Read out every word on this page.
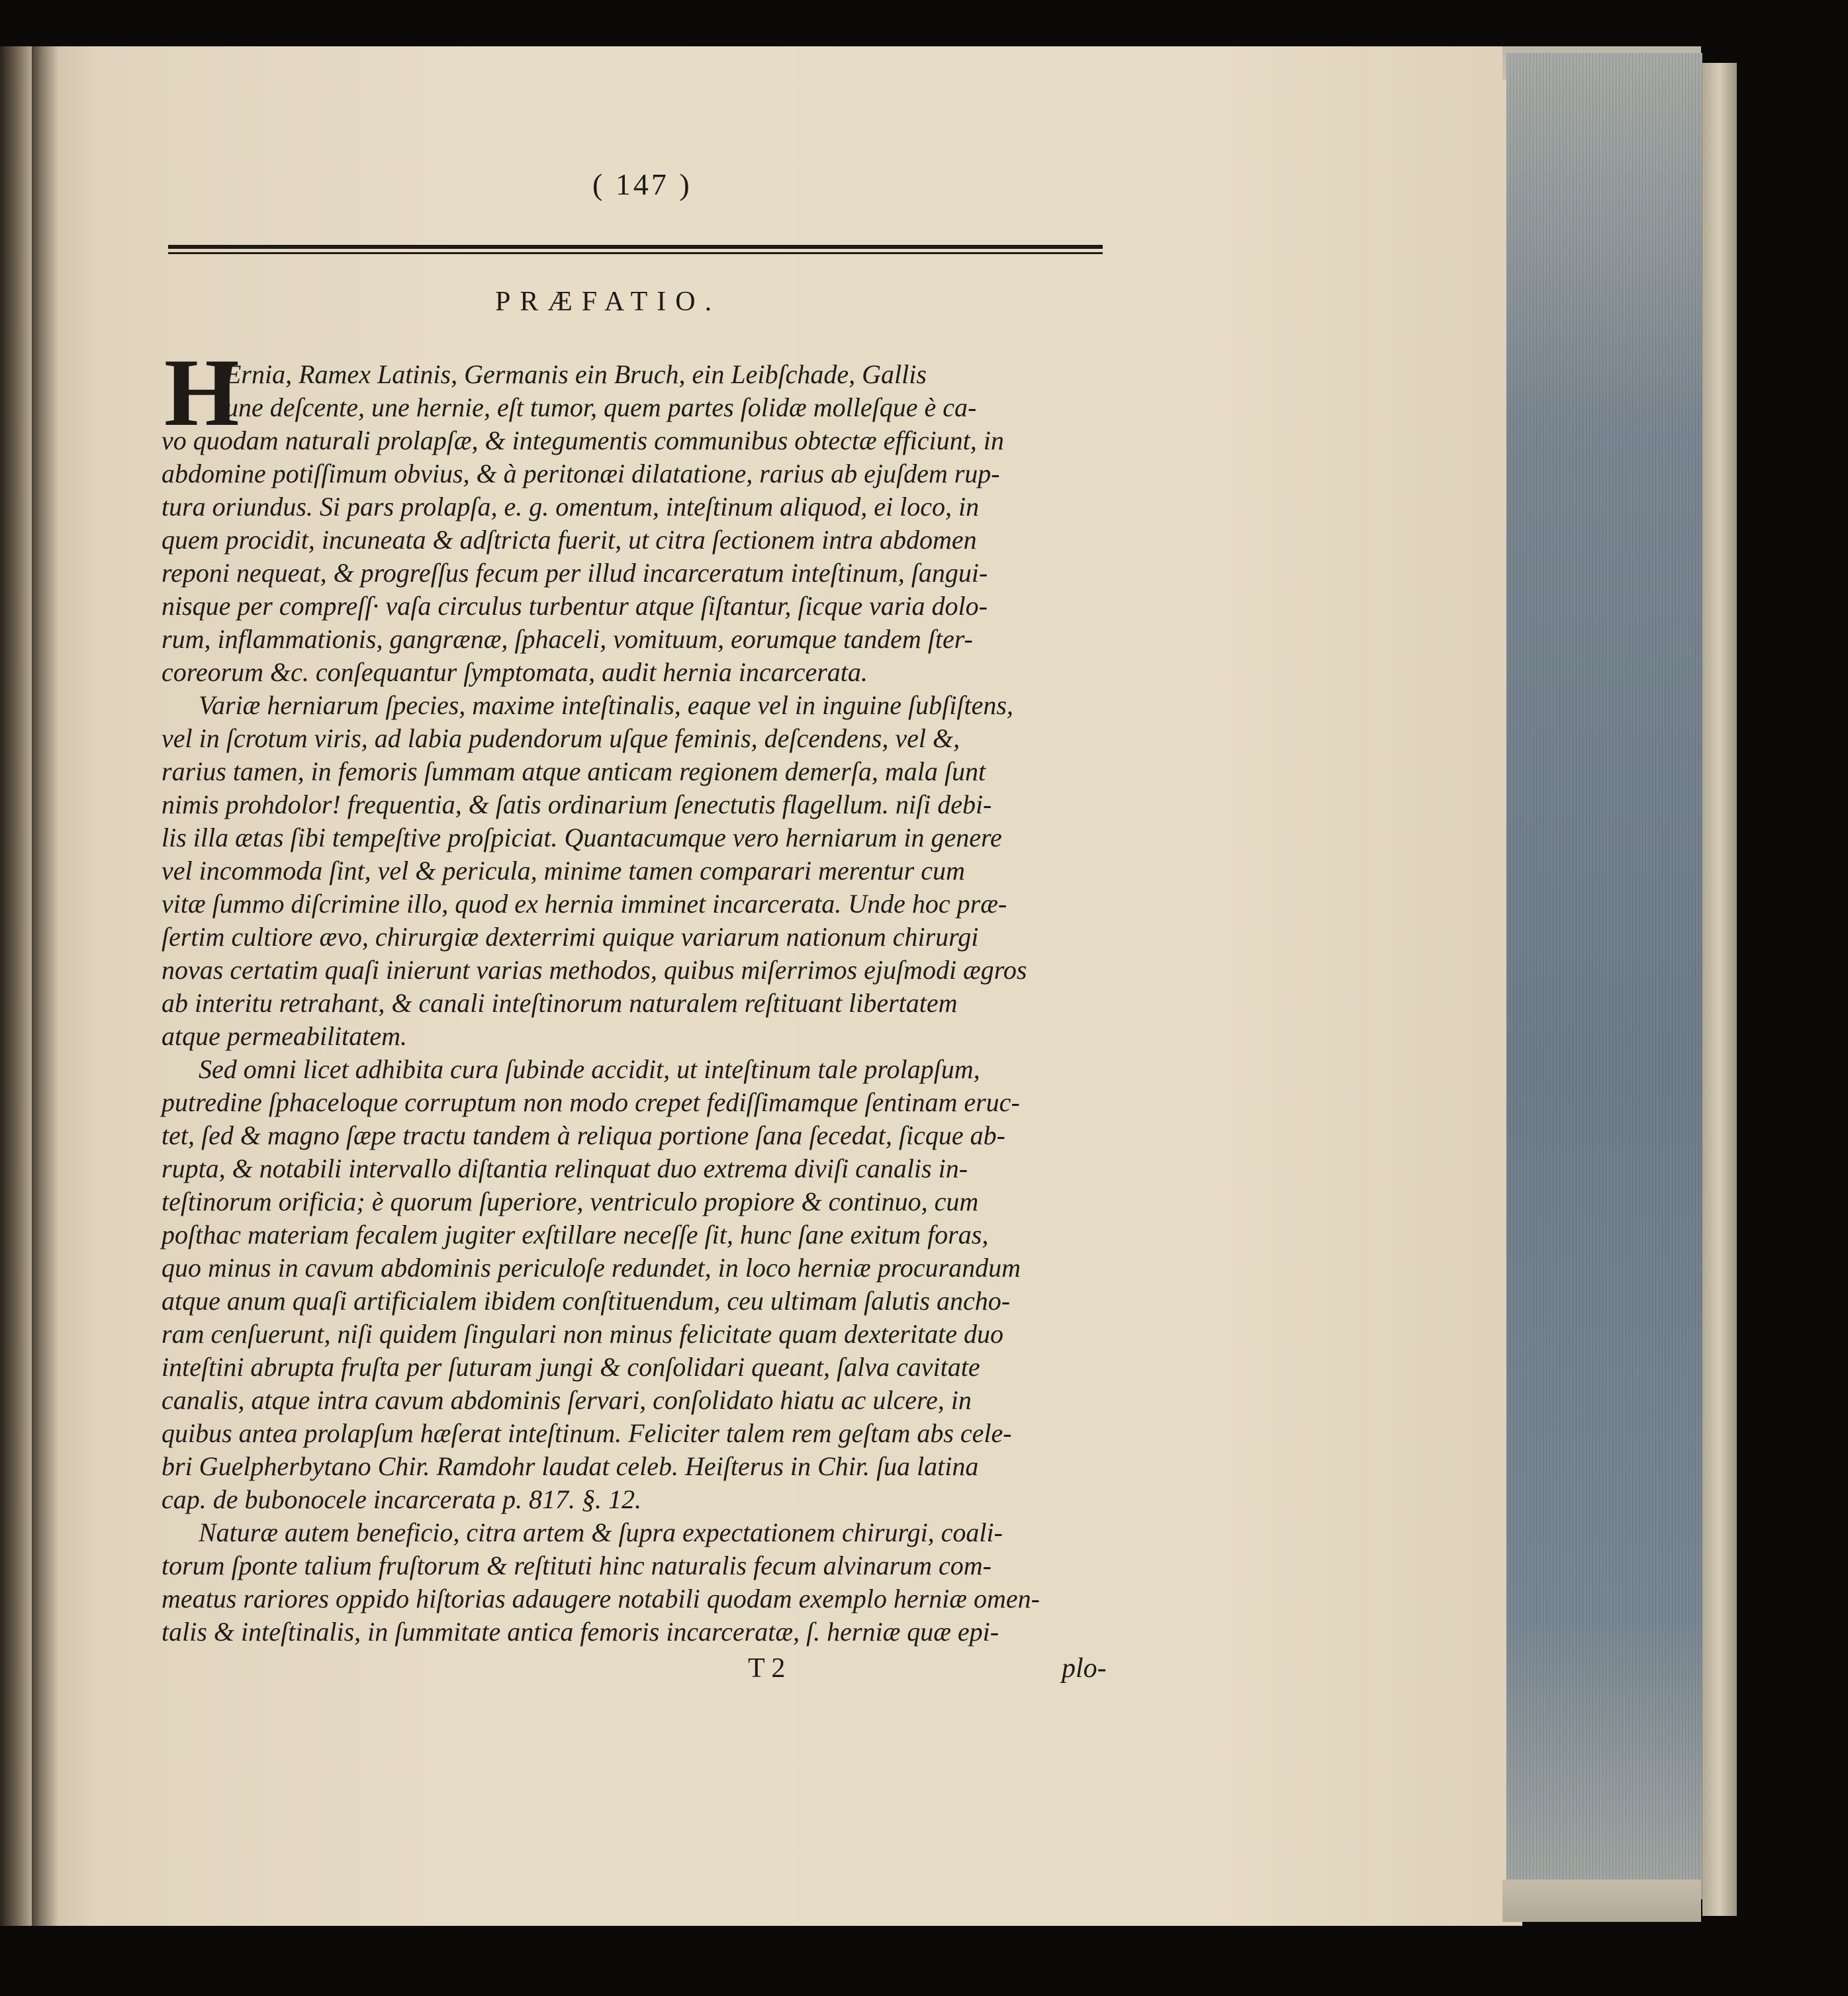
( 147 )
PRÆFATIO.
H
Ernia, Ramex Latinis, Germanis ein Bruch, ein Leibſchade, Gallis
une deſcente, une hernie, eſt tumor, quem partes ſolidæ molleſque è ca-
vo quodam naturali prolapſæ, & integumentis communibus obtectæ efficiunt, in
abdomine potiſſimum obvius, & à peritonæi dilatatione, rarius ab ejuſdem rup-
tura oriundus. Si pars prolapſa, e. g. omentum, inteſtinum aliquod, ei loco, in
quem procidit, incuneata & adſtricta fuerit, ut citra ſectionem intra abdomen
reponi nequeat, & progreſſus fecum per illud incarceratum inteſtinum, ſangui-
nisque per compreſſ· vaſa circulus turbentur atque ſiſtantur, ſicque varia dolo-
rum, inflammationis, gangrænæ, ſphaceli, vomituum, eorumque tandem ſter-
coreorum &c. conſequantur ſymptomata, audit hernia incarcerata.
Variæ herniarum ſpecies, maxime inteſtinalis, eaque vel in inguine ſubſiſtens,
vel in ſcrotum viris, ad labia pudendorum uſque feminis, deſcendens, vel &,
rarius tamen, in femoris ſummam atque anticam regionem demerſa, mala ſunt
nimis prohdolor! frequentia, & ſatis ordinarium ſenectutis flagellum. niſi debi-
lis illa ætas ſibi tempeſtive proſpiciat. Quantacumque vero herniarum in genere
vel incommoda ſint, vel & pericula, minime tamen comparari merentur cum
vitæ ſummo diſcrimine illo, quod ex hernia imminet incarcerata. Unde hoc præ-
ſertim cultiore ævo, chirurgiæ dexterrimi quique variarum nationum chirurgi
novas certatim quaſi inierunt varias methodos, quibus miſerrimos ejuſmodi ægros
ab interitu retrahant, & canali inteſtinorum naturalem reſtituant libertatem
atque permeabilitatem.
Sed omni licet adhibita cura ſubinde accidit, ut inteſtinum tale prolapſum,
putredine ſphaceloque corruptum non modo crepet fediſſimamque ſentinam eruc-
tet, ſed & magno ſæpe tractu tandem à reliqua portione ſana ſecedat, ſicque ab-
rupta, & notabili intervallo diſtantia relinquat duo extrema diviſi canalis in-
teſtinorum orificia; è quorum ſuperiore, ventriculo propiore & continuo, cum
poſthac materiam fecalem jugiter exſtillare neceſſe ſit, hunc ſane exitum foras,
quo minus in cavum abdominis periculoſe redundet, in loco herniæ procurandum
atque anum quaſi artificialem ibidem conſtituendum, ceu ultimam ſalutis ancho-
ram cenſuerunt, niſi quidem ſingulari non minus felicitate quam dexteritate duo
inteſtini abrupta fruſta per ſuturam jungi & conſolidari queant, ſalva cavitate
canalis, atque intra cavum abdominis ſervari, conſolidato hiatu ac ulcere, in
quibus antea prolapſum hæſerat inteſtinum. Feliciter talem rem geſtam abs cele-
bri Guelpherbytano Chir. Ramdohr laudat celeb. Heiſterus in Chir. ſua latina
cap. de bubonocele incarcerata p. 817. §. 12.
Naturæ autem beneficio, citra artem & ſupra expectationem chirurgi, coali-
torum ſponte talium fruſtorum & reſtituti hinc naturalis fecum alvinarum com-
meatus rariores oppido hiſtorias adaugere notabili quodam exemplo herniæ omen-
talis & inteſtinalis, in ſummitate antica femoris incarceratæ, ſ. herniæ quæ epi-
T 2	plo-
